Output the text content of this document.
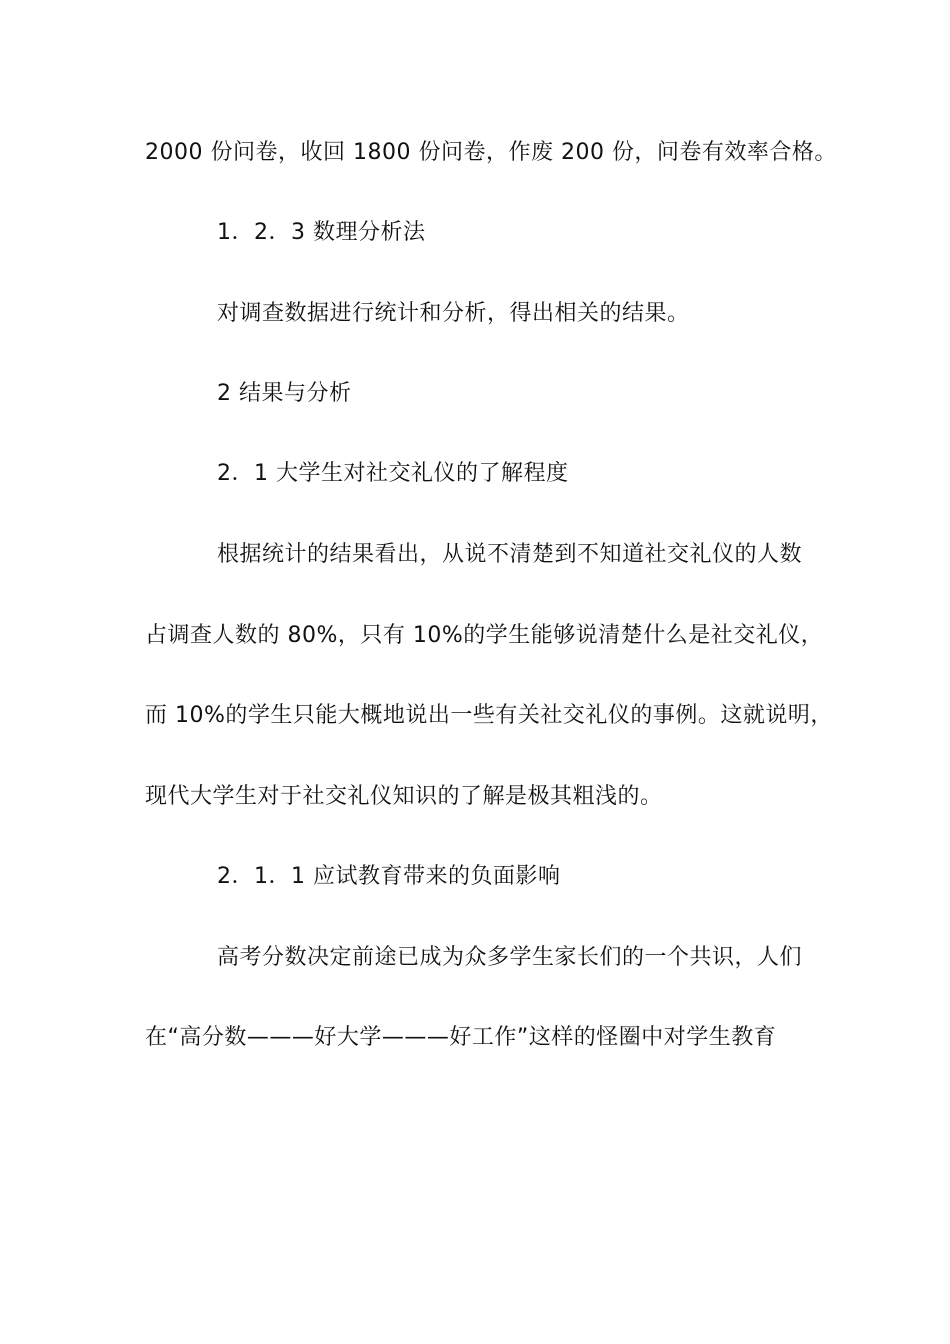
2000 份问卷，收回 1800 份问卷，作废 200 份，问卷有效率合格。
1．2．3 数理分析法
对调查数据进行统计和分析，得出相关的结果。
2 结果与分析
2．1 大学生对社交礼仪的了解程度
根据统计的结果看出，从说不清楚到不知道社交礼仪的人数
占调查人数的 80%，只有 10%的学生能够说清楚什么是社交礼仪，
而 10%的学生只能大概地说出一些有关社交礼仪的事例。这就说明，
现代大学生对于社交礼仪知识的了解是极其粗浅的。
2．1．1 应试教育带来的负面影响
高考分数决定前途已成为众多学生家长们的一个共识，人们
在“高分数———好大学———好工作”这样的怪圈中对学生教育
